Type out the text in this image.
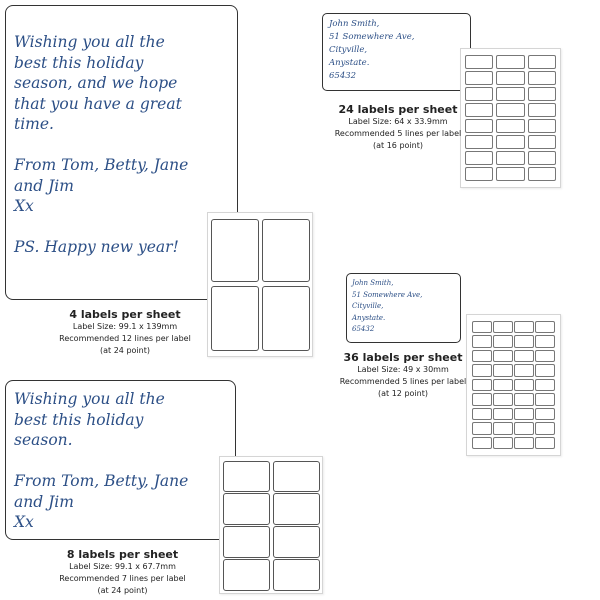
Wishing you all the
best this holiday
season, and we hope
that you have a great
time.

From Tom, Betty, Jane
and Jim
Xx

PS. Happy new year!
4 labels per sheet
Label Size: 99.1 x 139mm
Recommended 12 lines per label
(at 24 point)
Wishing you all the
best this holiday
season.

From Tom, Betty, Jane
and Jim
Xx
8 labels per sheet
Label Size: 99.1 x 67.7mm
Recommended 7 lines per label
(at 24 point)
John Smith,
51 Somewhere Ave,
Cityville,
Anystate.
65432
24 labels per sheet
Label Size: 64 x 33.9mm
Recommended 5 lines per label
(at 16 point)
John Smith,
51 Somewhere Ave,
Cityville,
Anystate.
65432
36 labels per sheet
Label Size: 49 x 30mm
Recommended 5 lines per label
(at 12 point)
